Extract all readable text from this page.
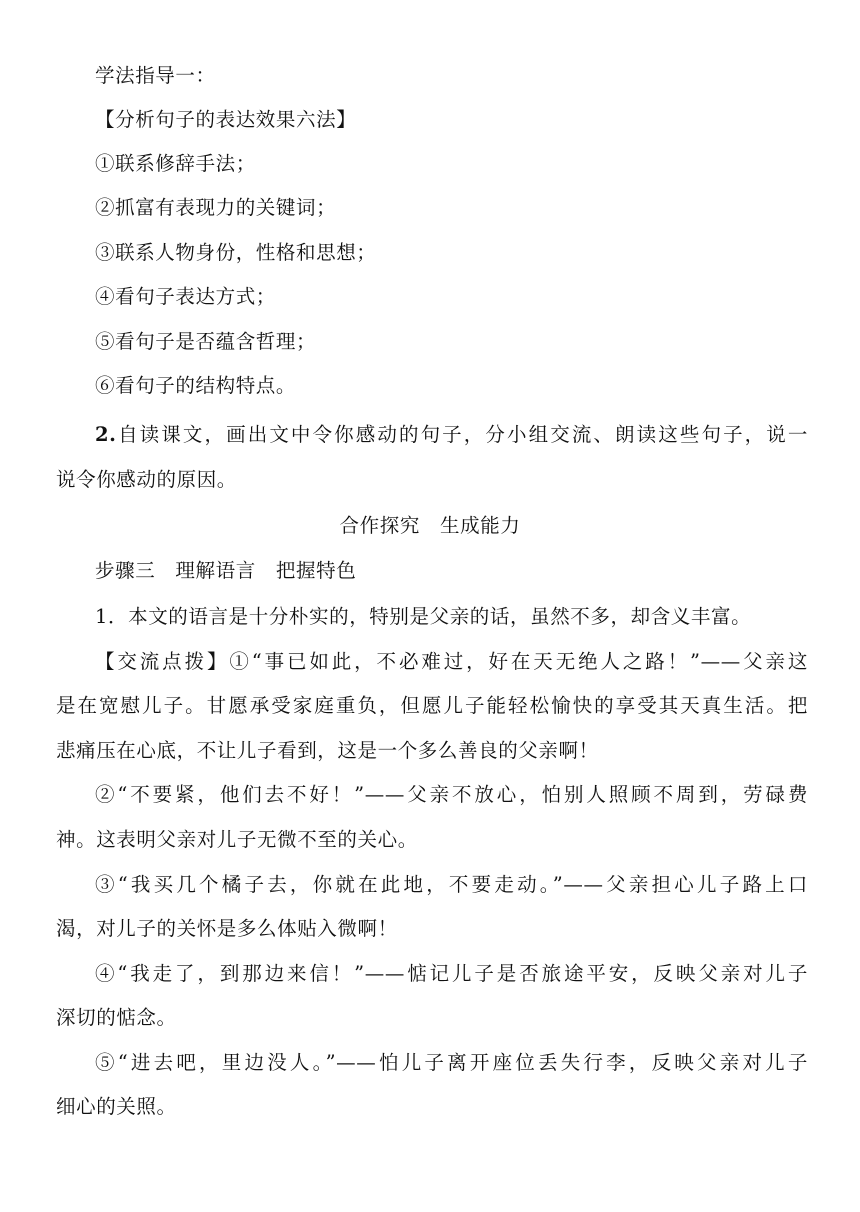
学法指导一：
【分析句子的表达效果六法】
①联系修辞手法；
②抓富有表现力的关键词；
③联系人物身份，性格和思想；
④看句子表达方式；
⑤看句子是否蕴含哲理；
⑥看句子的结构特点。
2.自读课文，画出文中令你感动的句子，分小组交流、朗读这些句子，说一
说令你感动的原因。
合作探究　生成能力
步骤三　理解语言　把握特色
1．本文的语言是十分朴实的，特别是父亲的话，虽然不多，却含义丰富。
【交流点拨】①“事已如此，不必难过，好在天无绝人之路！”——父亲这
是在宽慰儿子。甘愿承受家庭重负，但愿儿子能轻松愉快的享受其天真生活。把
悲痛压在心底，不让儿子看到，这是一个多么善良的父亲啊！
②“不要紧，他们去不好！”——父亲不放心，怕别人照顾不周到，劳碌费
神。这表明父亲对儿子无微不至的关心。
③“我买几个橘子去，你就在此地，不要走动。”——父亲担心儿子路上口
渴，对儿子的关怀是多么体贴入微啊！
④“我走了，到那边来信！”——惦记儿子是否旅途平安，反映父亲对儿子
深切的惦念。
⑤“进去吧，里边没人。”——怕儿子离开座位丢失行李，反映父亲对儿子
细心的关照。
